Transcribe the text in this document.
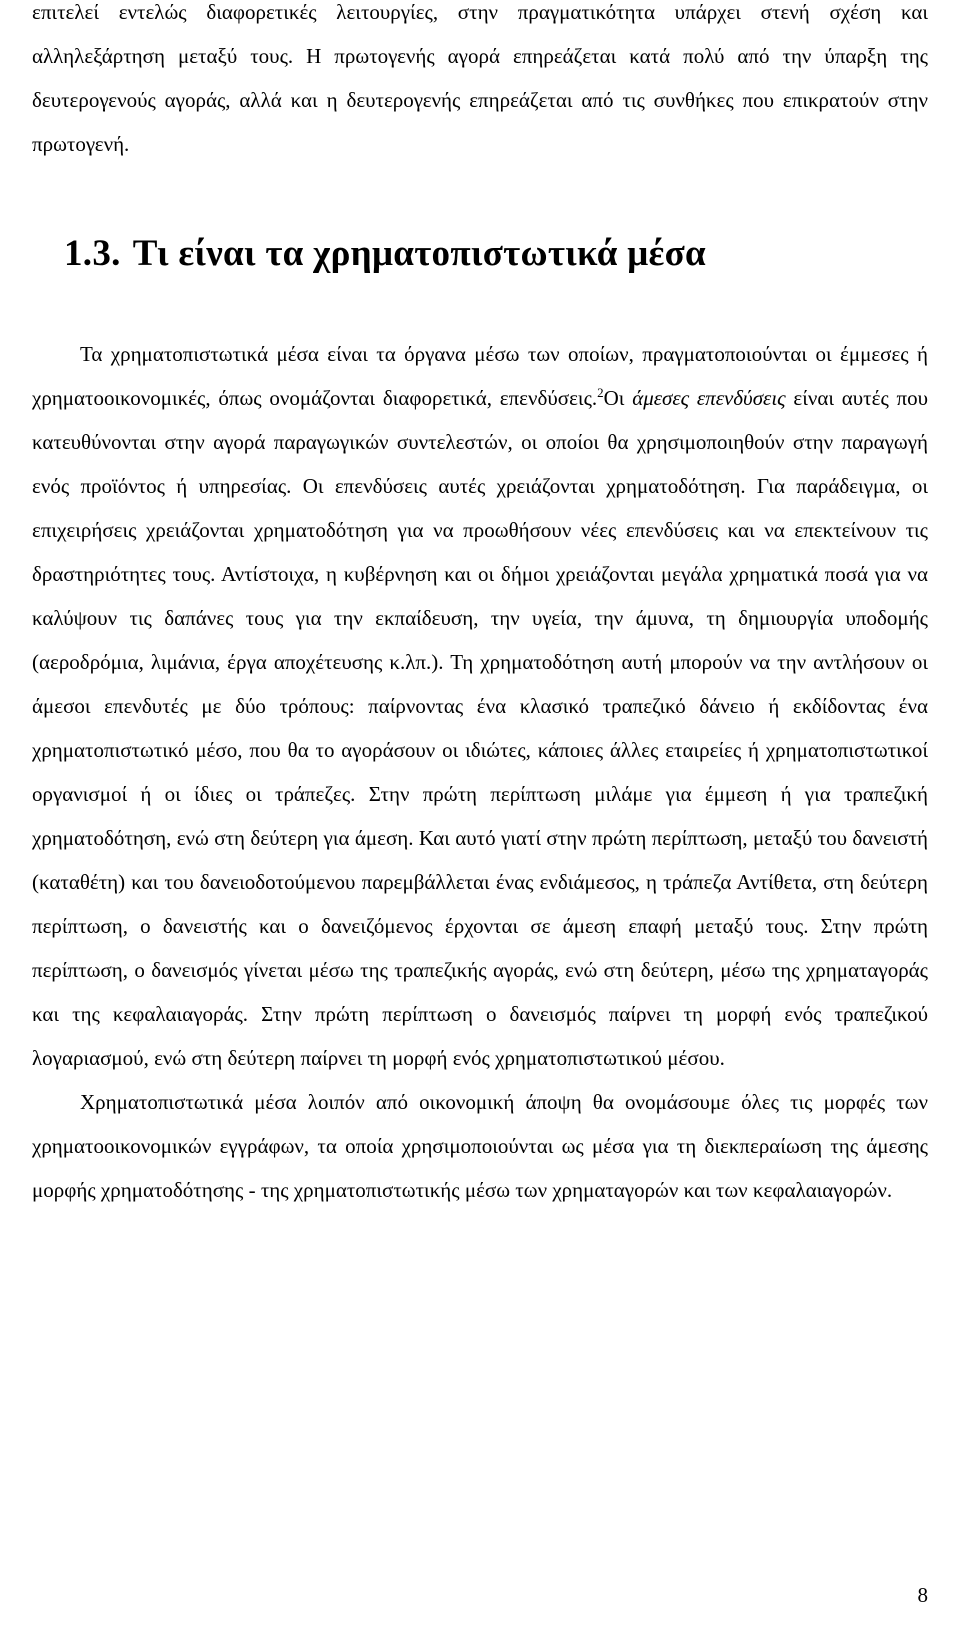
επιτελεί εντελώς διαφορετικές λειτουργίες, στην πραγματικότητα υπάρχει στενή σχέση και αλληλεξάρτηση μεταξύ τους. Η πρωτογενής αγορά επηρεάζεται κατά πολύ από την ύπαρξη της δευτερογενούς αγοράς, αλλά και η δευτερογενής επηρεάζεται από τις συνθήκες που επικρατούν στην πρωτογενή.

1.3. Τι είναι τα χρηματοπιστωτικά μέσα

Τα χρηματοπιστωτικά μέσα είναι τα όργανα μέσω των οποίων, πραγματοποιούνται οι έμμεσες ή χρηματοοικονομικές, όπως ονομάζονται διαφορετικά, επενδύσεις.$^2$Οι άμεσες επενδύσεις είναι αυτές που κατευθύνονται στην αγορά παραγωγικών συντελεστών, οι οποίοι θα χρησιμοποιηθούν στην παραγωγή ενός προϊόντος ή υπηρεσίας. Οι επενδύσεις αυτές χρειάζονται χρηματοδότηση. Για παράδειγμα, οι επιχειρήσεις χρειάζονται χρηματοδότηση για να προωθήσουν νέες επενδύσεις και να επεκτείνουν τις δραστηριότητες τους. Αντίστοιχα, η κυβέρνηση και οι δήμοι χρειάζονται μεγάλα χρηματικά ποσά για να καλύψουν τις δαπάνες τους για την εκπαίδευση, την υγεία, την άμυνα, τη δημιουργία υποδομής (αεροδρόμια, λιμάνια, έργα αποχέτευσης κ.λπ.). Τη χρηματοδότηση αυτή μπορούν να την αντλήσουν οι άμεσοι επενδυτές με δύο τρόπους: παίρνοντας ένα κλασικό τραπεζικό δάνειο ή εκδίδοντας ένα χρηματοπιστωτικό μέσο, που θα το αγοράσουν οι ιδιώτες, κάποιες άλλες εταιρείες ή χρηματοπιστωτικοί οργανισμοί ή οι ίδιες οι τράπεζες. Στην πρώτη περίπτωση μιλάμε για έμμεση ή για τραπεζική χρηματοδότηση, ενώ στη δεύτερη για άμεση. Και αυτό γιατί στην πρώτη περίπτωση, μεταξύ του δανειστή (καταθέτη) και του δανειοδοτούμενου παρεμβάλλεται ένας ενδιάμεσος, η τράπεζα Αντίθετα, στη δεύτερη περίπτωση, ο δανειστής και ο δανειζόμενος έρχονται σε άμεση επαφή μεταξύ τους. Στην πρώτη περίπτωση, ο δανεισμός γίνεται μέσω της τραπεζικής αγοράς, ενώ στη δεύτερη, μέσω της χρηματαγοράς και της κεφαλαιαγοράς. Στην πρώτη περίπτωση ο δανεισμός παίρνει τη μορφή ενός τραπεζικού λογαριασμού, ενώ στη δεύτερη παίρνει τη μορφή ενός χρηματοπιστωτικού μέσου.

Χρηματοπιστωτικά μέσα λοιπόν από οικονομική άποψη θα ονομάσουμε όλες τις μορφές των χρηματοοικονομικών εγγράφων, τα οποία χρησιμοποιούνται ως μέσα για τη διεκπεραίωση της άμεσης μορφής χρηματοδότησης - της χρηματοπιστωτικής μέσω των χρηματαγορών και των κεφαλαιαγορών.

8
